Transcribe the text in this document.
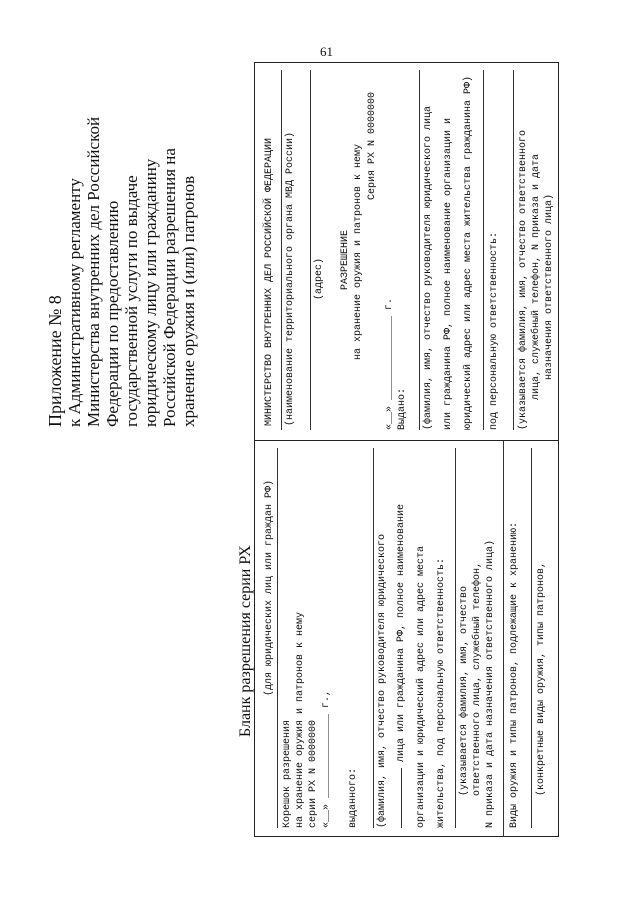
61
Приложение № 8 к Административному регламенту Министерства внутренних дел Российской Федерации по предоставлению государственной услуги по выдаче юридическому лицу или гражданину Российской Федерации разрешения на хранение оружия и (или) патронов
Бланк разрешения серии РХ (для юридических лиц или граждан РФ)
Корешок разрешения на хранение оружия и патронов к нему серии РХ N 0000000 «__» ______________ г., выданного: (фамилия, имя, отчество руководителя юридического лица или гражданина РФ, полное наименование организации и юридический адрес или адрес места жительства, под персональную ответственность: (указывается фамилия, имя, отчество ответственного лица, служебный телефон, N приказа и дата назначения ответственного лица) Виды оружия и типы патронов, подлежащие к хранению: (конкретные виды оружия, типы патронов,
МИНИСТЕРСТВО ВНУТРЕННИХ ДЕЛ РОССИЙСКОЙ ФЕДЕРАЦИИ (наименование территориального органа МВД России) (адрес) РАЗРЕШЕНИЕ на хранение оружия и патронов к нему Серия РХ N 0000000
«__» ______________ г. Выдано: (фамилия, имя, отчество руководителя юридического лица или гражданина РФ, полное наименование организации и юридический адрес или адрес места жительства гражданина РФ) под персональную ответственность: (указывается фамилия, имя, отчество ответственного лица, служебный телефон, N приказа и дата назначения ответственного лица)
